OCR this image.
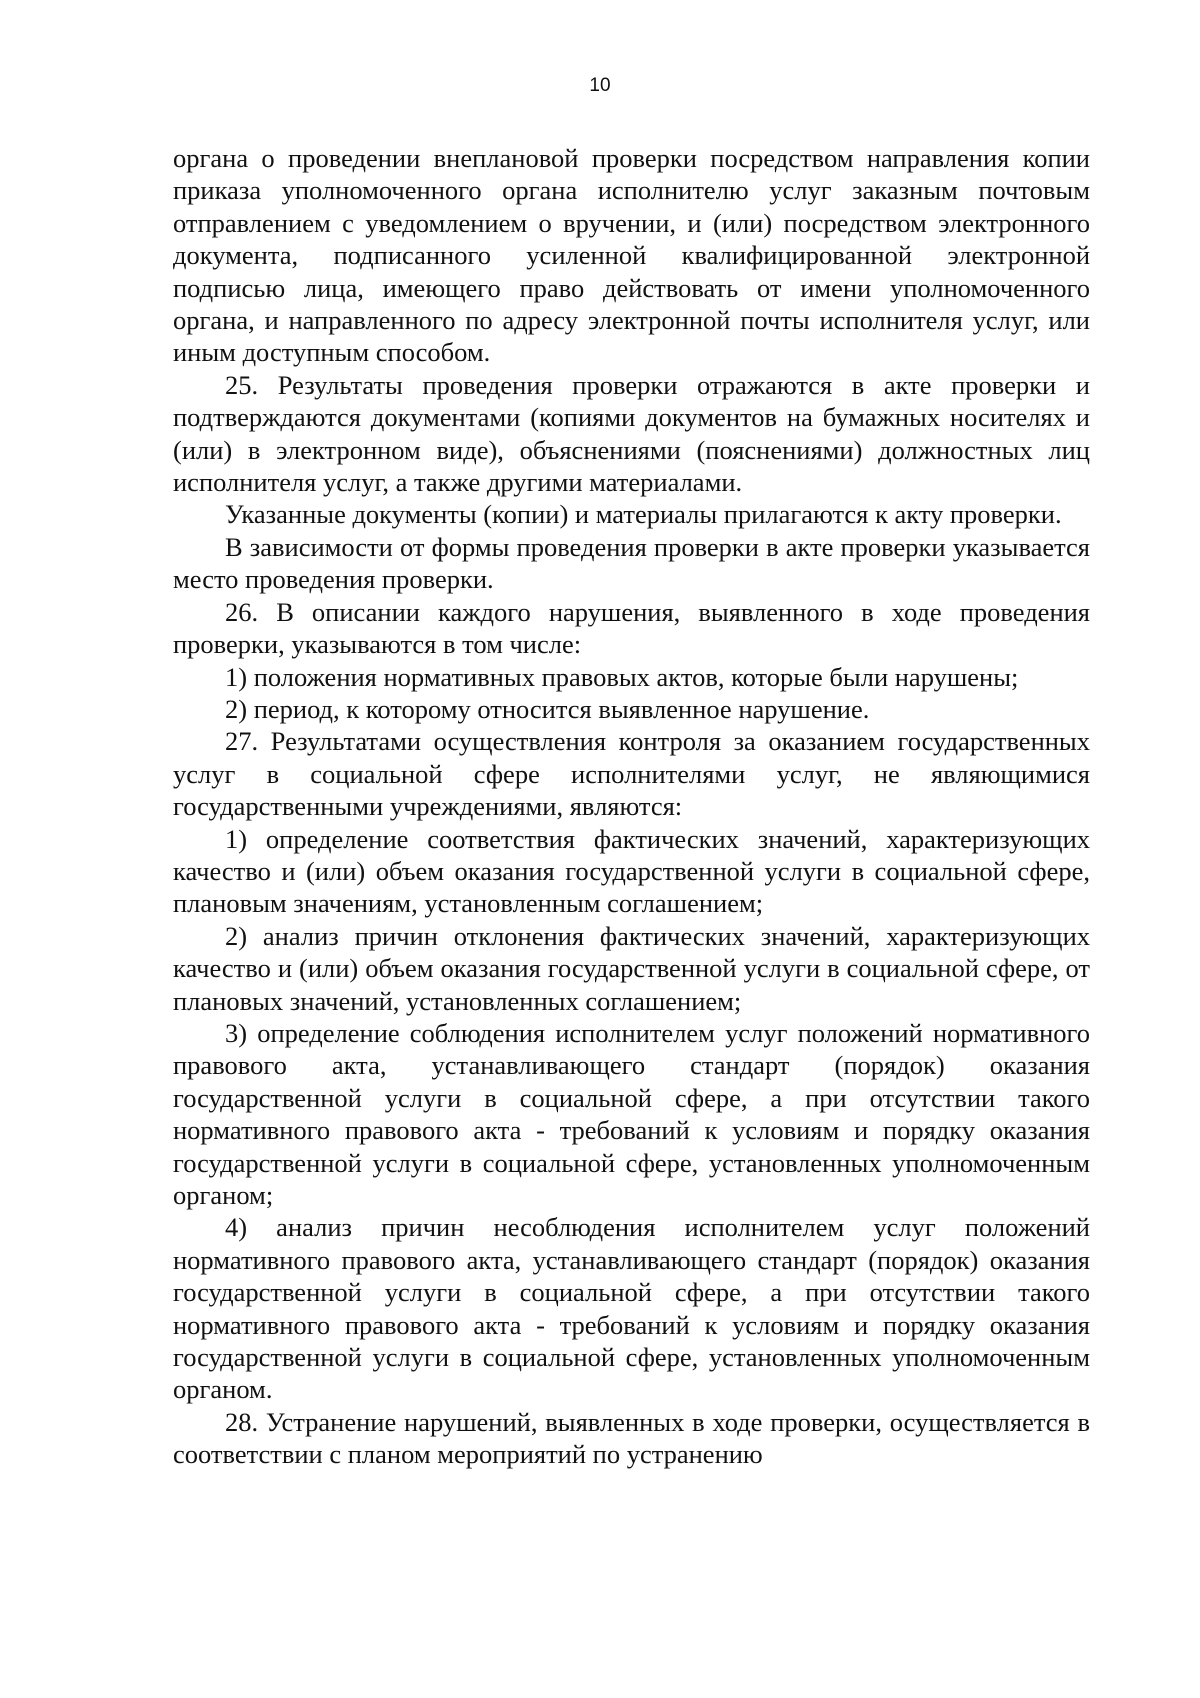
10

органа о проведении внеплановой проверки посредством направления копии приказа уполномоченного органа исполнителю услуг заказным почтовым отправлением с уведомлением о вручении, и (или) посредством электронного документа, подписанного усиленной квалифицированной электронной подписью лица, имеющего право действовать от имени уполномоченного органа, и направленного по адресу электронной почты исполнителя услуг, или иным доступным способом.

25. Результаты проведения проверки отражаются в акте проверки и подтверждаются документами (копиями документов на бумажных носителях и (или) в электронном виде), объяснениями (пояснениями) должностных лиц исполнителя услуг, а также другими материалами.

Указанные документы (копии) и материалы прилагаются к акту проверки.

В зависимости от формы проведения проверки в акте проверки указывается место проведения проверки.

26. В описании каждого нарушения, выявленного в ходе проведения проверки, указываются в том числе:

1) положения нормативных правовых актов, которые были нарушены;

2) период, к которому относится выявленное нарушение.

27. Результатами осуществления контроля за оказанием государственных услуг в социальной сфере исполнителями услуг, не являющимися государственными учреждениями, являются:

1) определение соответствия фактических значений, характеризующих качество и (или) объем оказания государственной услуги в социальной сфере, плановым значениям, установленным соглашением;

2) анализ причин отклонения фактических значений, характеризующих качество и (или) объем оказания государственной услуги в социальной сфере, от плановых значений, установленных соглашением;

3) определение соблюдения исполнителем услуг положений нормативного правового акта, устанавливающего стандарт (порядок) оказания государственной услуги в социальной сфере, а при отсутствии такого нормативного правового акта - требований к условиям и порядку оказания государственной услуги в социальной сфере, установленных уполномоченным органом;

4) анализ причин несоблюдения исполнителем услуг положений нормативного правового акта, устанавливающего стандарт (порядок) оказания государственной услуги в социальной сфере, а при отсутствии такого нормативного правового акта - требований к условиям и порядку оказания государственной услуги в социальной сфере, установленных уполномоченным органом.

28. Устранение нарушений, выявленных в ходе проверки, осуществляется в соответствии с планом мероприятий по устранению
